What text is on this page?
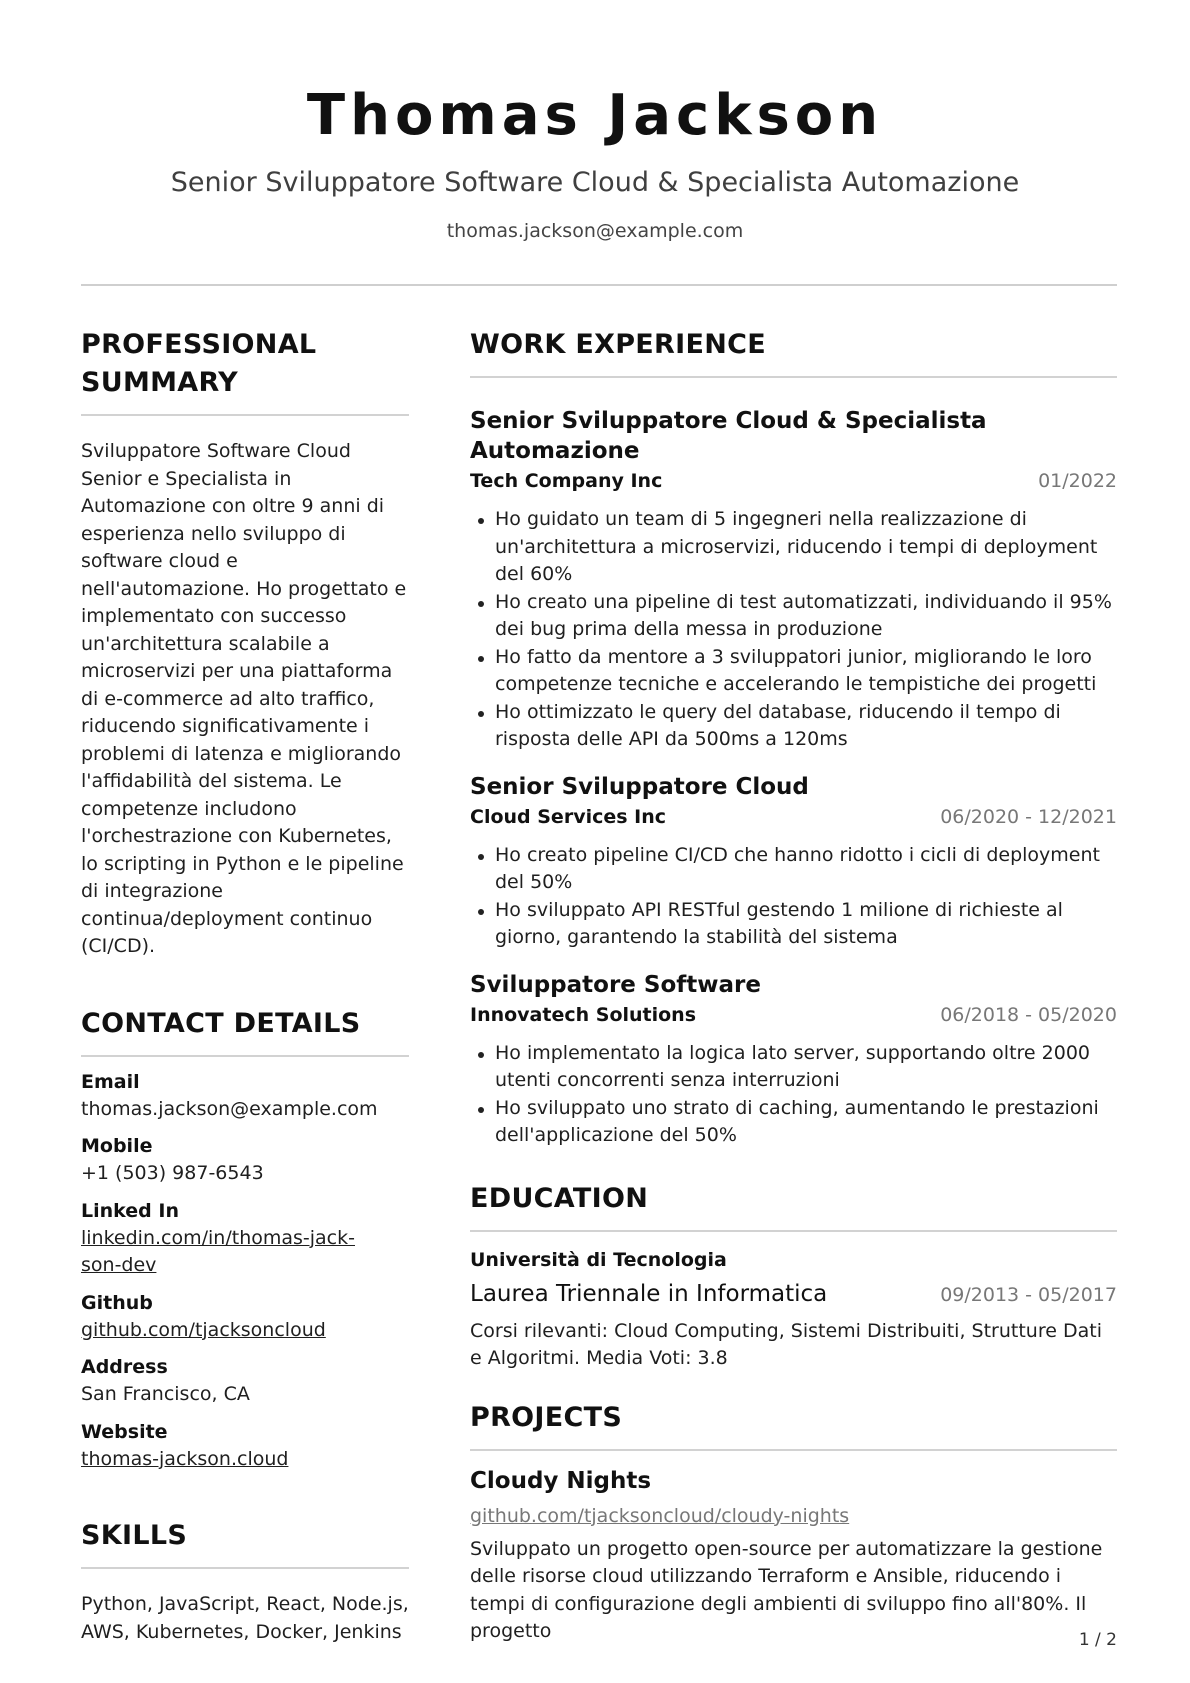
Thomas Jackson
Senior Sviluppatore Software Cloud & Specialista Automazione
thomas.jackson@example.com
PROFESSIONAL SUMMARY
Sviluppatore Software Cloud Senior e Specialista in Automazione con oltre 9 anni di esperienza nello sviluppo di software cloud e nell'automazione. Ho progettato e implementato con successo un'architettura scalabile a microservizi per una piattaforma di e-commerce ad alto traffico, riducendo significativamente i problemi di latenza e migliorando l'affidabilità del sistema. Le competenze includono l'orchestrazione con Kubernetes, lo scripting in Python e le pipeline di integrazione continua/deployment continuo (CI/CD).
CONTACT DETAILS
Email
thomas.jackson@example.com
Mobile
+1 (503) 987-6543
Linked In
linkedin.com/in/thomas-jack-son-dev
Github
github.com/tjacksoncloud
Address
San Francisco, CA
Website
thomas-jackson.cloud
SKILLS
Python, JavaScript, React, Node.js, AWS, Kubernetes, Docker, Jenkins
WORK EXPERIENCE
Senior Sviluppatore Cloud & Specialista Automazione
Tech Company Inc	01/2022
Ho guidato un team di 5 ingegneri nella realizzazione di un'architettura a microservizi, riducendo i tempi di deployment del 60%
Ho creato una pipeline di test automatizzati, individuando il 95% dei bug prima della messa in produzione
Ho fatto da mentore a 3 sviluppatori junior, migliorando le loro competenze tecniche e accelerando le tempistiche dei progetti
Ho ottimizzato le query del database, riducendo il tempo di risposta delle API da 500ms a 120ms
Senior Sviluppatore Cloud
Cloud Services Inc	06/2020 - 12/2021
Ho creato pipeline CI/CD che hanno ridotto i cicli di deployment del 50%
Ho sviluppato API RESTful gestendo 1 milione di richieste al giorno, garantendo la stabilità del sistema
Sviluppatore Software
Innovatech Solutions	06/2018 - 05/2020
Ho implementato la logica lato server, supportando oltre 2000 utenti concorrenti senza interruzioni
Ho sviluppato uno strato di caching, aumentando le prestazioni dell'applicazione del 50%
EDUCATION
Università di Tecnologia
Laurea Triennale in Informatica	09/2013 - 05/2017
Corsi rilevanti: Cloud Computing, Sistemi Distribuiti, Strutture Dati e Algoritmi. Media Voti: 3.8
PROJECTS
Cloudy Nights
github.com/tjacksoncloud/cloudy-nights
Sviluppato un progetto open-source per automatizzare la gestione delle risorse cloud utilizzando Terraform e Ansible, riducendo i tempi di configurazione degli ambienti di sviluppo fino all'80%. Il progetto	1 / 2
